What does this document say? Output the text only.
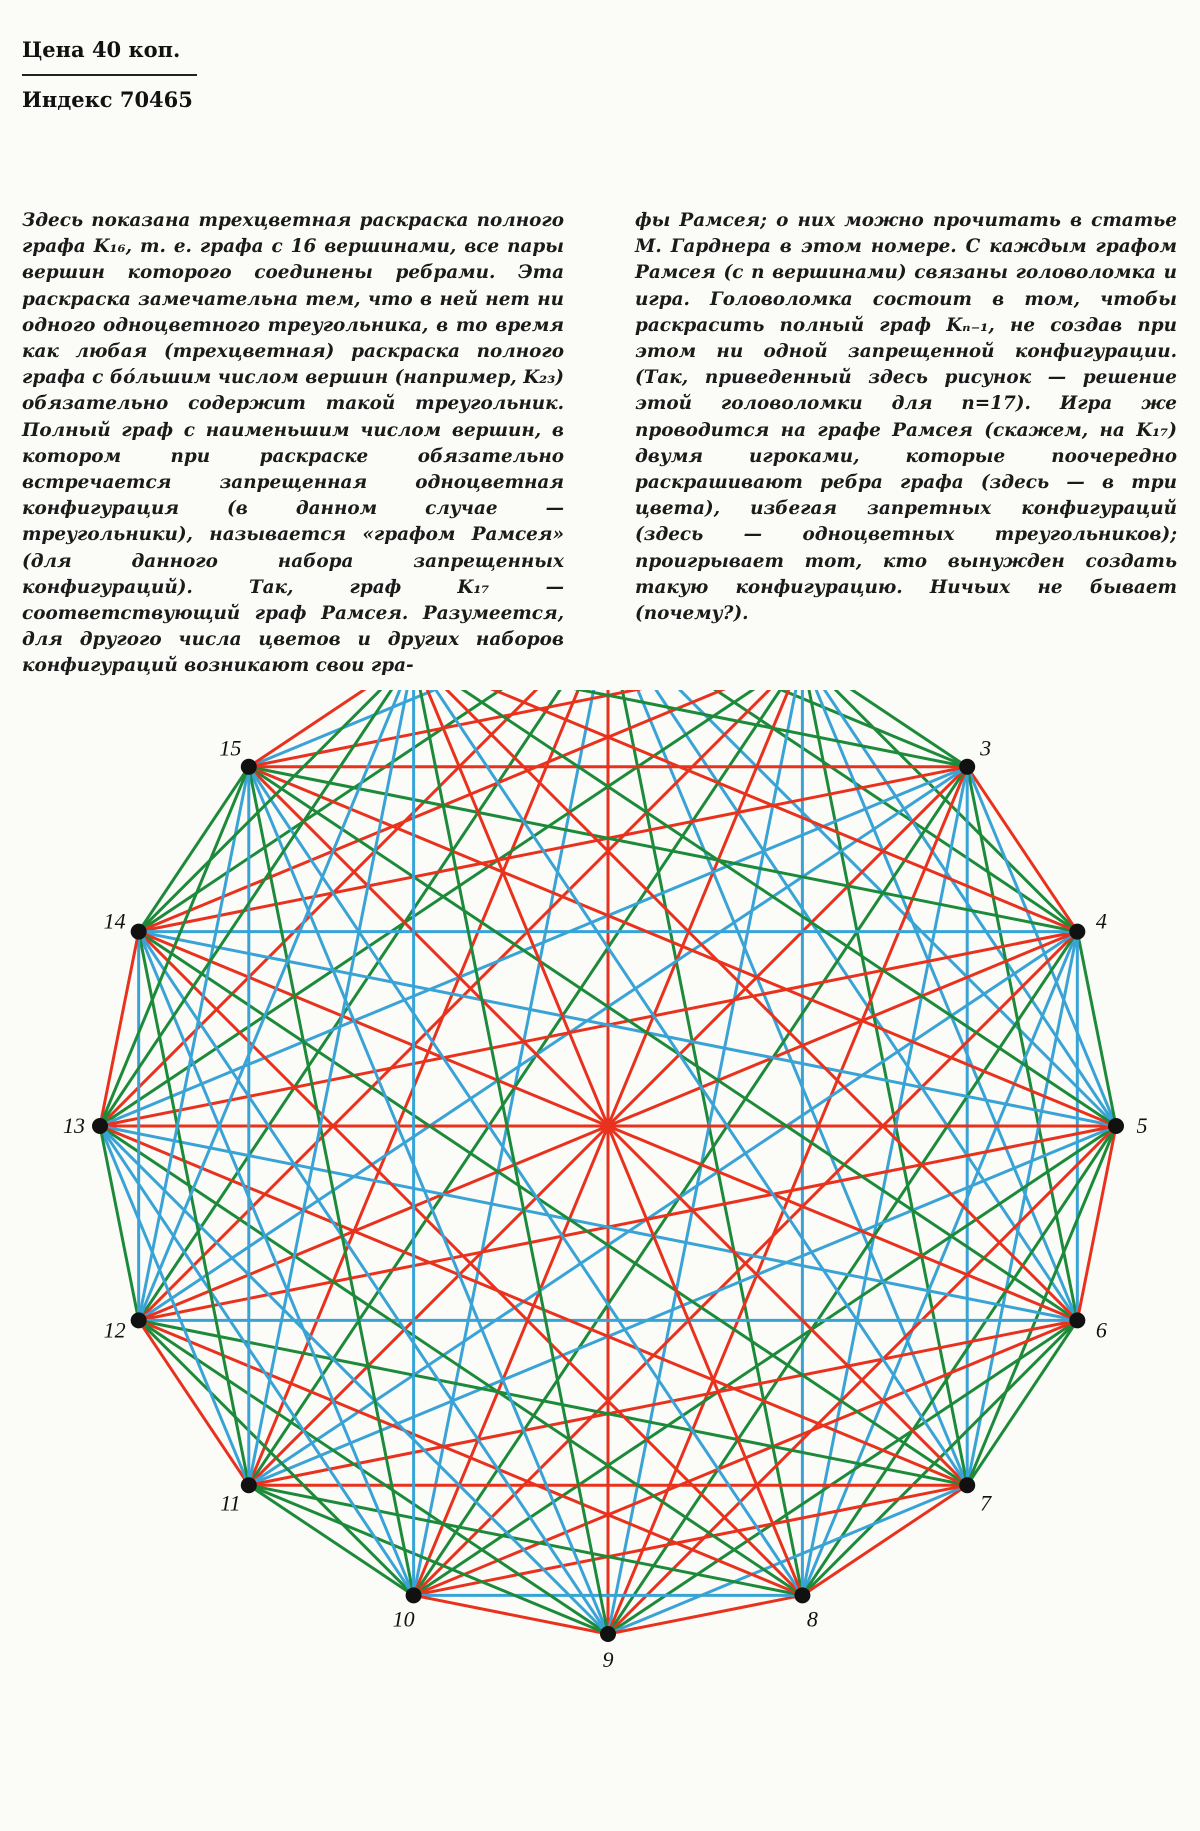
Цена 40 коп.
Индекс 70465
Здесь показана трехцветная раскраска полного графа K₁₆, т. е. графа с 16 вершинами, все пары вершин которого соединены ребрами. Эта раскраска замечательна тем, что в ней нет ни одного одноцветного треугольника, в то время как любая (трехцветная) раскраска полного графа с бо́льшим числом вершин (например, K₂₃) обязательно содержит такой треугольник. Полный граф с наименьшим числом вершин, в котором при раскраске обязательно встречается запрещенная одноцветная конфигурация (в данном случае — треугольники), называется «графом Рамсея» (для данного набора запрещенных конфигураций). Так, граф K₁₇ — соответствующий граф Рамсея. Разумеется, для другого числа цветов и других наборов конфигураций возникают свои гра-
фы Рамсея; о них можно прочитать в статье М. Гарднера в этом номере. С каждым графом Рамсея (с n вершинами) связаны головоломка и игра. Головоломка состоит в том, чтобы раскрасить полный граф Kₙ₋₁, не создав при этом ни одной запрещенной конфигурации. (Так, приведенный здесь рисунок — решение этой головоломки для n=17). Игра же проводится на графе Рамсея (скажем, на K₁₇) двумя игроками, которые поочередно раскрашивают ребра графа (здесь — в три цвета), избегая запретных конфигураций (здесь — одноцветных треугольников); проигрывает тот, кто вынужден создать такую конфигурацию. Ничьих не бывает (почему?).
3
4
5
6
7
8
9
10
11
12
13
14
15
